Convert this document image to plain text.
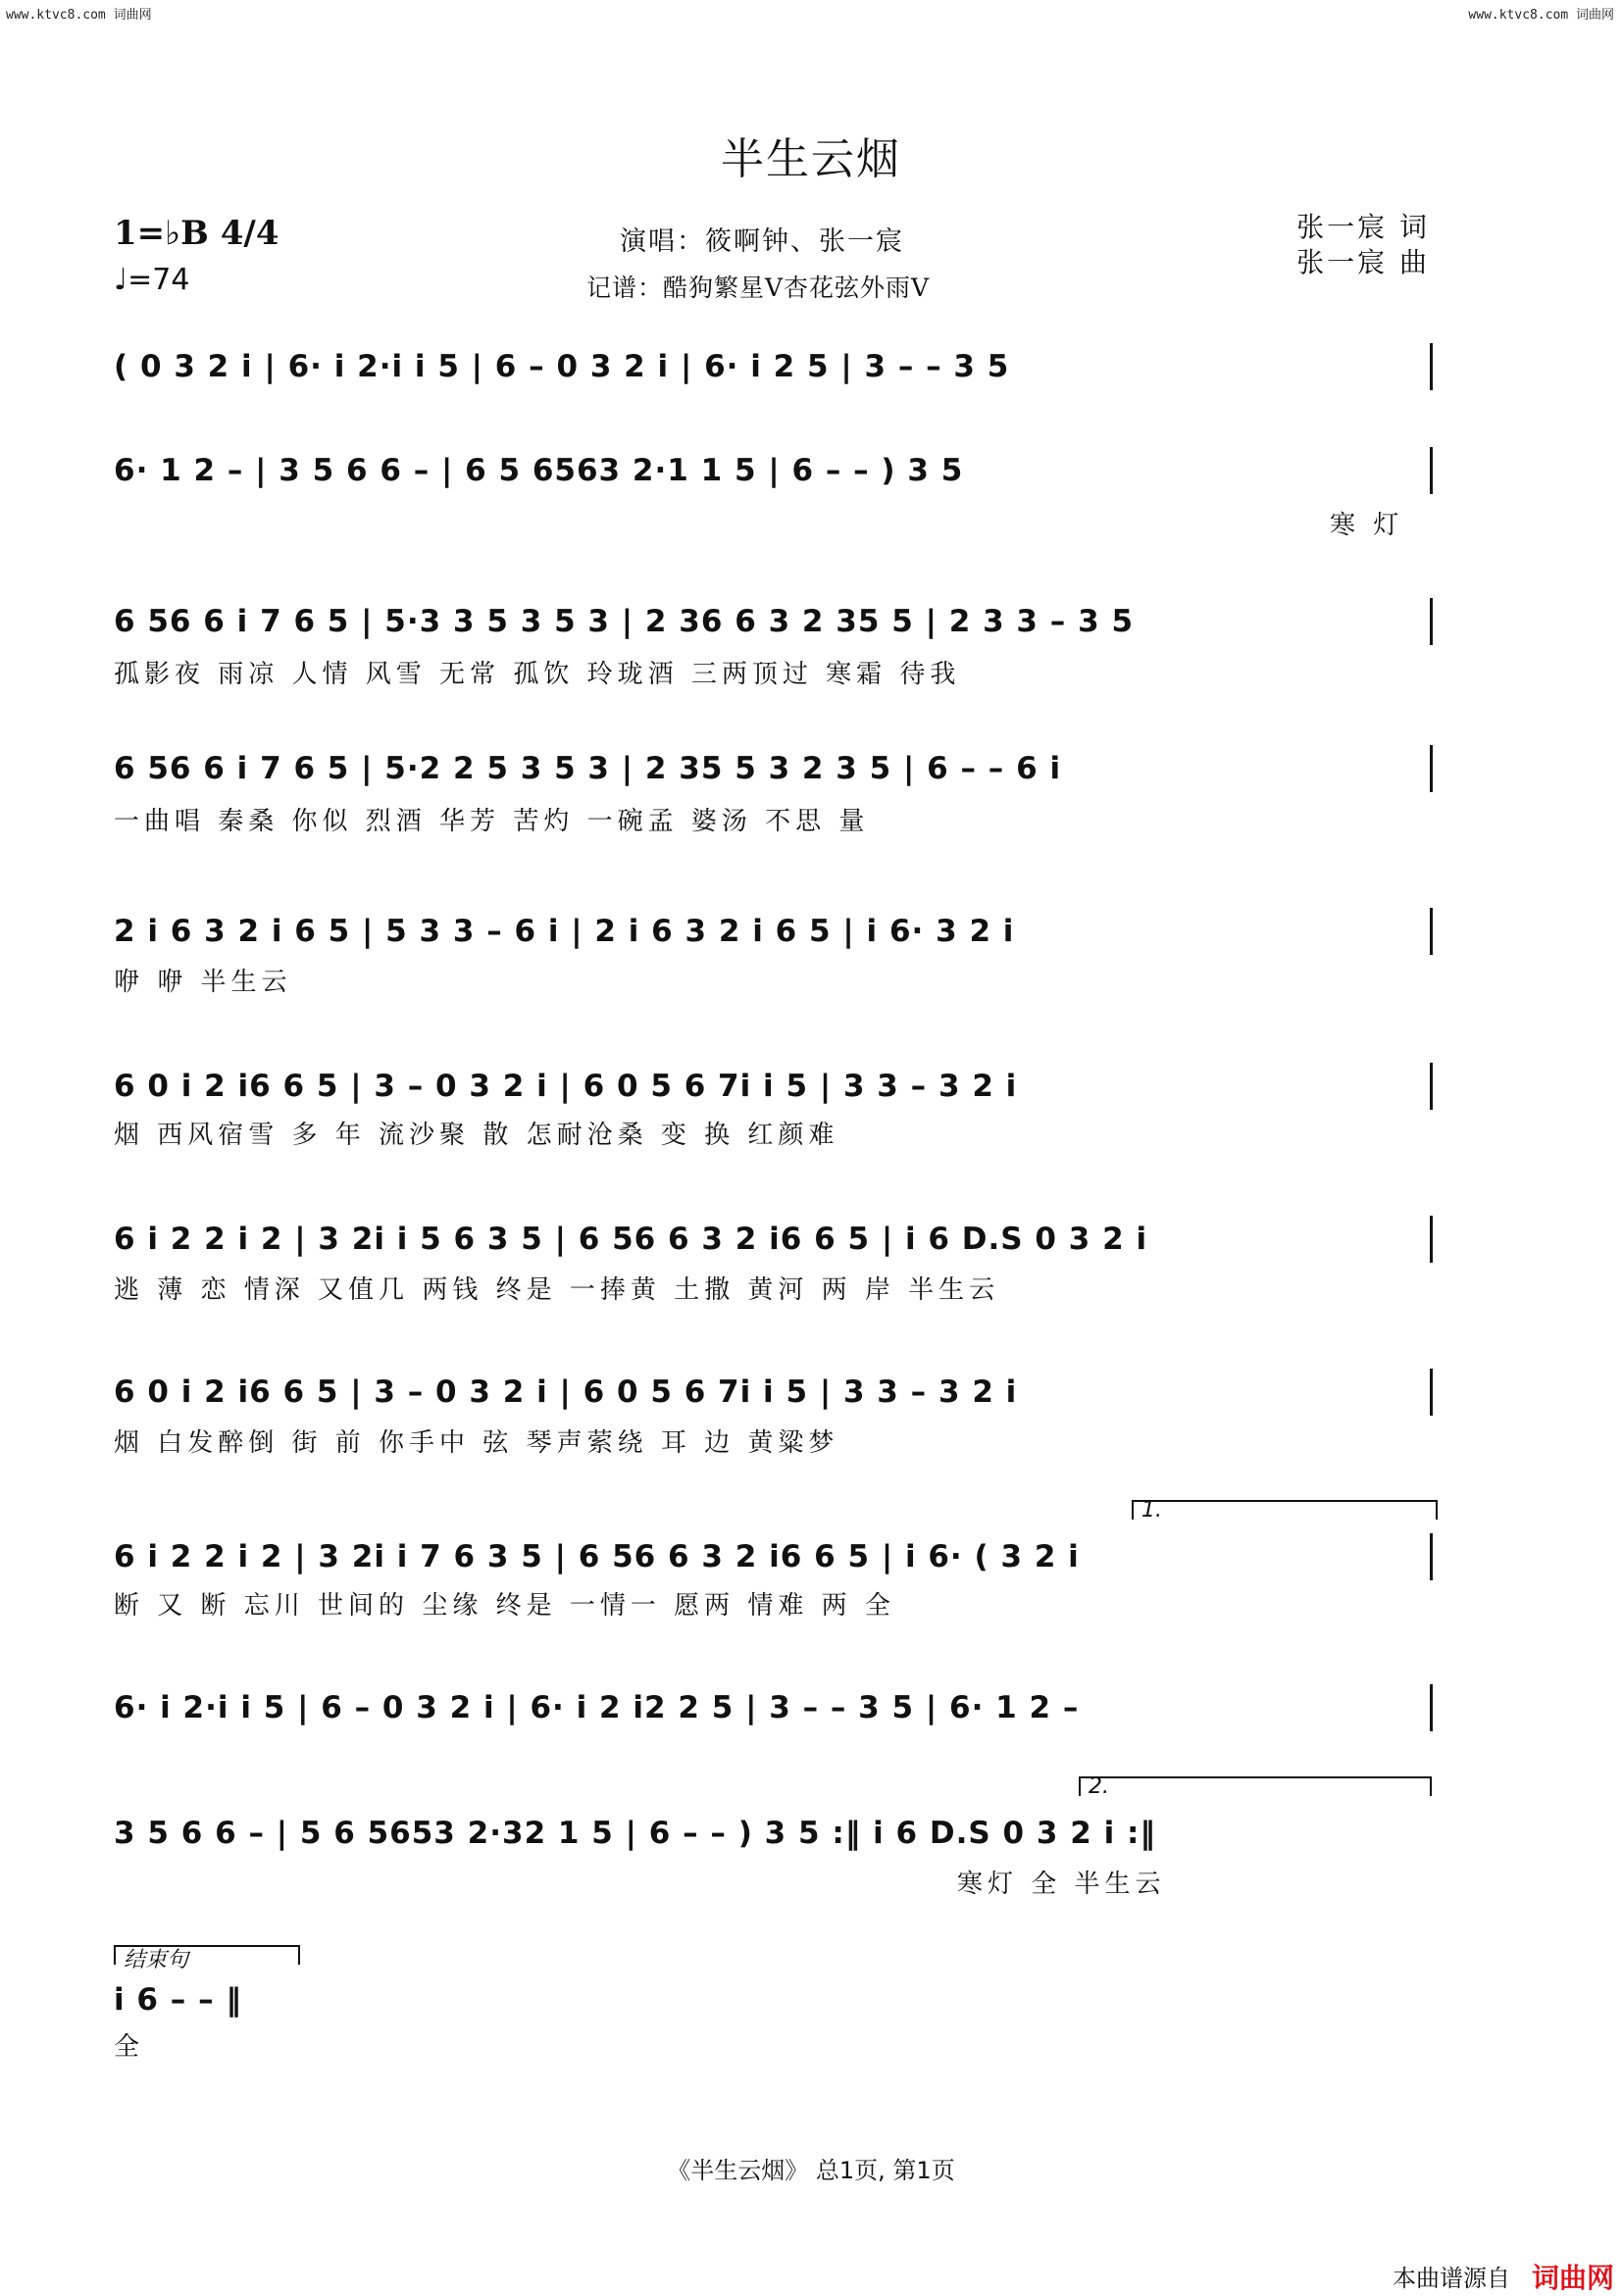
www.ktvc8.com 词曲网	www.ktvc8.com 词曲网
半生云烟
1=♭B 4/4
♩=74
演唱：筱啊钟、张一宸
记谱：酷狗繁星V杏花弦外雨V
张一宸 词
张一宸 曲
( 0 3 2 i | 6· i 2·i i 5 | 6 – 0 3 2 i | 6· i 2 5 | 3 – – 3 5
6· 1 2 – | 3 5 6 6 – | 6 5 6563 2·1 1 5 | 6 – – ) 3 5
寒 灯
6 56 6 i 7 6 5 | 5·3 3 5 3 5 3 | 2 36 6 3 2 35 5 | 2 3 3 – 3 5
孤影夜 雨凉 人情 风雪 无常 孤饮 玲珑酒 三两顶过 寒霜 待我
6 56 6 i 7 6 5 | 5·2 2 5 3 5 3 | 2 35 5 3 2 3 5 | 6 – – 6 i
一曲唱 秦桑 你似 烈酒 华芳 苦灼 一碗孟 婆汤 不思 量
2 i 6 3 2 i 6 5 | 5 3 3 – 6 i | 2 i 6 3 2 i 6 5 | i 6· 3 2 i
咿 咿 半生云
6 0 i 2 i6 6 5 | 3 – 0 3 2 i | 6 0 5 6 7i i 5 | 3 3 – 3 2 i
烟 西风宿雪 多 年 流沙聚 散 怎耐沧桑 变 换 红颜难
6 i 2 2 i 2 | 3 2i i 5 6 3 5 | 6 56 6 3 2 i6 6 5 | i 6 D.S 0 3 2 i
逃 薄 恋 情深 又值几 两钱 终是 一捧黄 土撒 黄河 两 岸 半生云
6 0 i 2 i6 6 5 | 3 – 0 3 2 i | 6 0 5 6 7i i 5 | 3 3 – 3 2 i
烟 白发醉倒 街 前 你手中 弦 琴声萦绕 耳 边 黄粱梦
1.
6 i 2 2 i 2 | 3 2i i 7 6 3 5 | 6 56 6 3 2 i6 6 5 | i 6· ( 3 2 i
断 又 断 忘川 世间的 尘缘 终是 一情一 愿两 情难 两 全
6· i 2·i i 5 | 6 – 0 3 2 i | 6· i 2 i2 2 5 | 3 – – 3 5 | 6· 1 2 –
2.
3 5 6 6 – | 5 6 5653 2·32 1 5 | 6 – – ) 3 5 :‖ i 6 D.S 0 3 2 i :‖
寒灯 全 半生云
结束句
i 6 – – ‖
全
《半生云烟》 总1页, 第1页
本曲谱源自 词曲网
